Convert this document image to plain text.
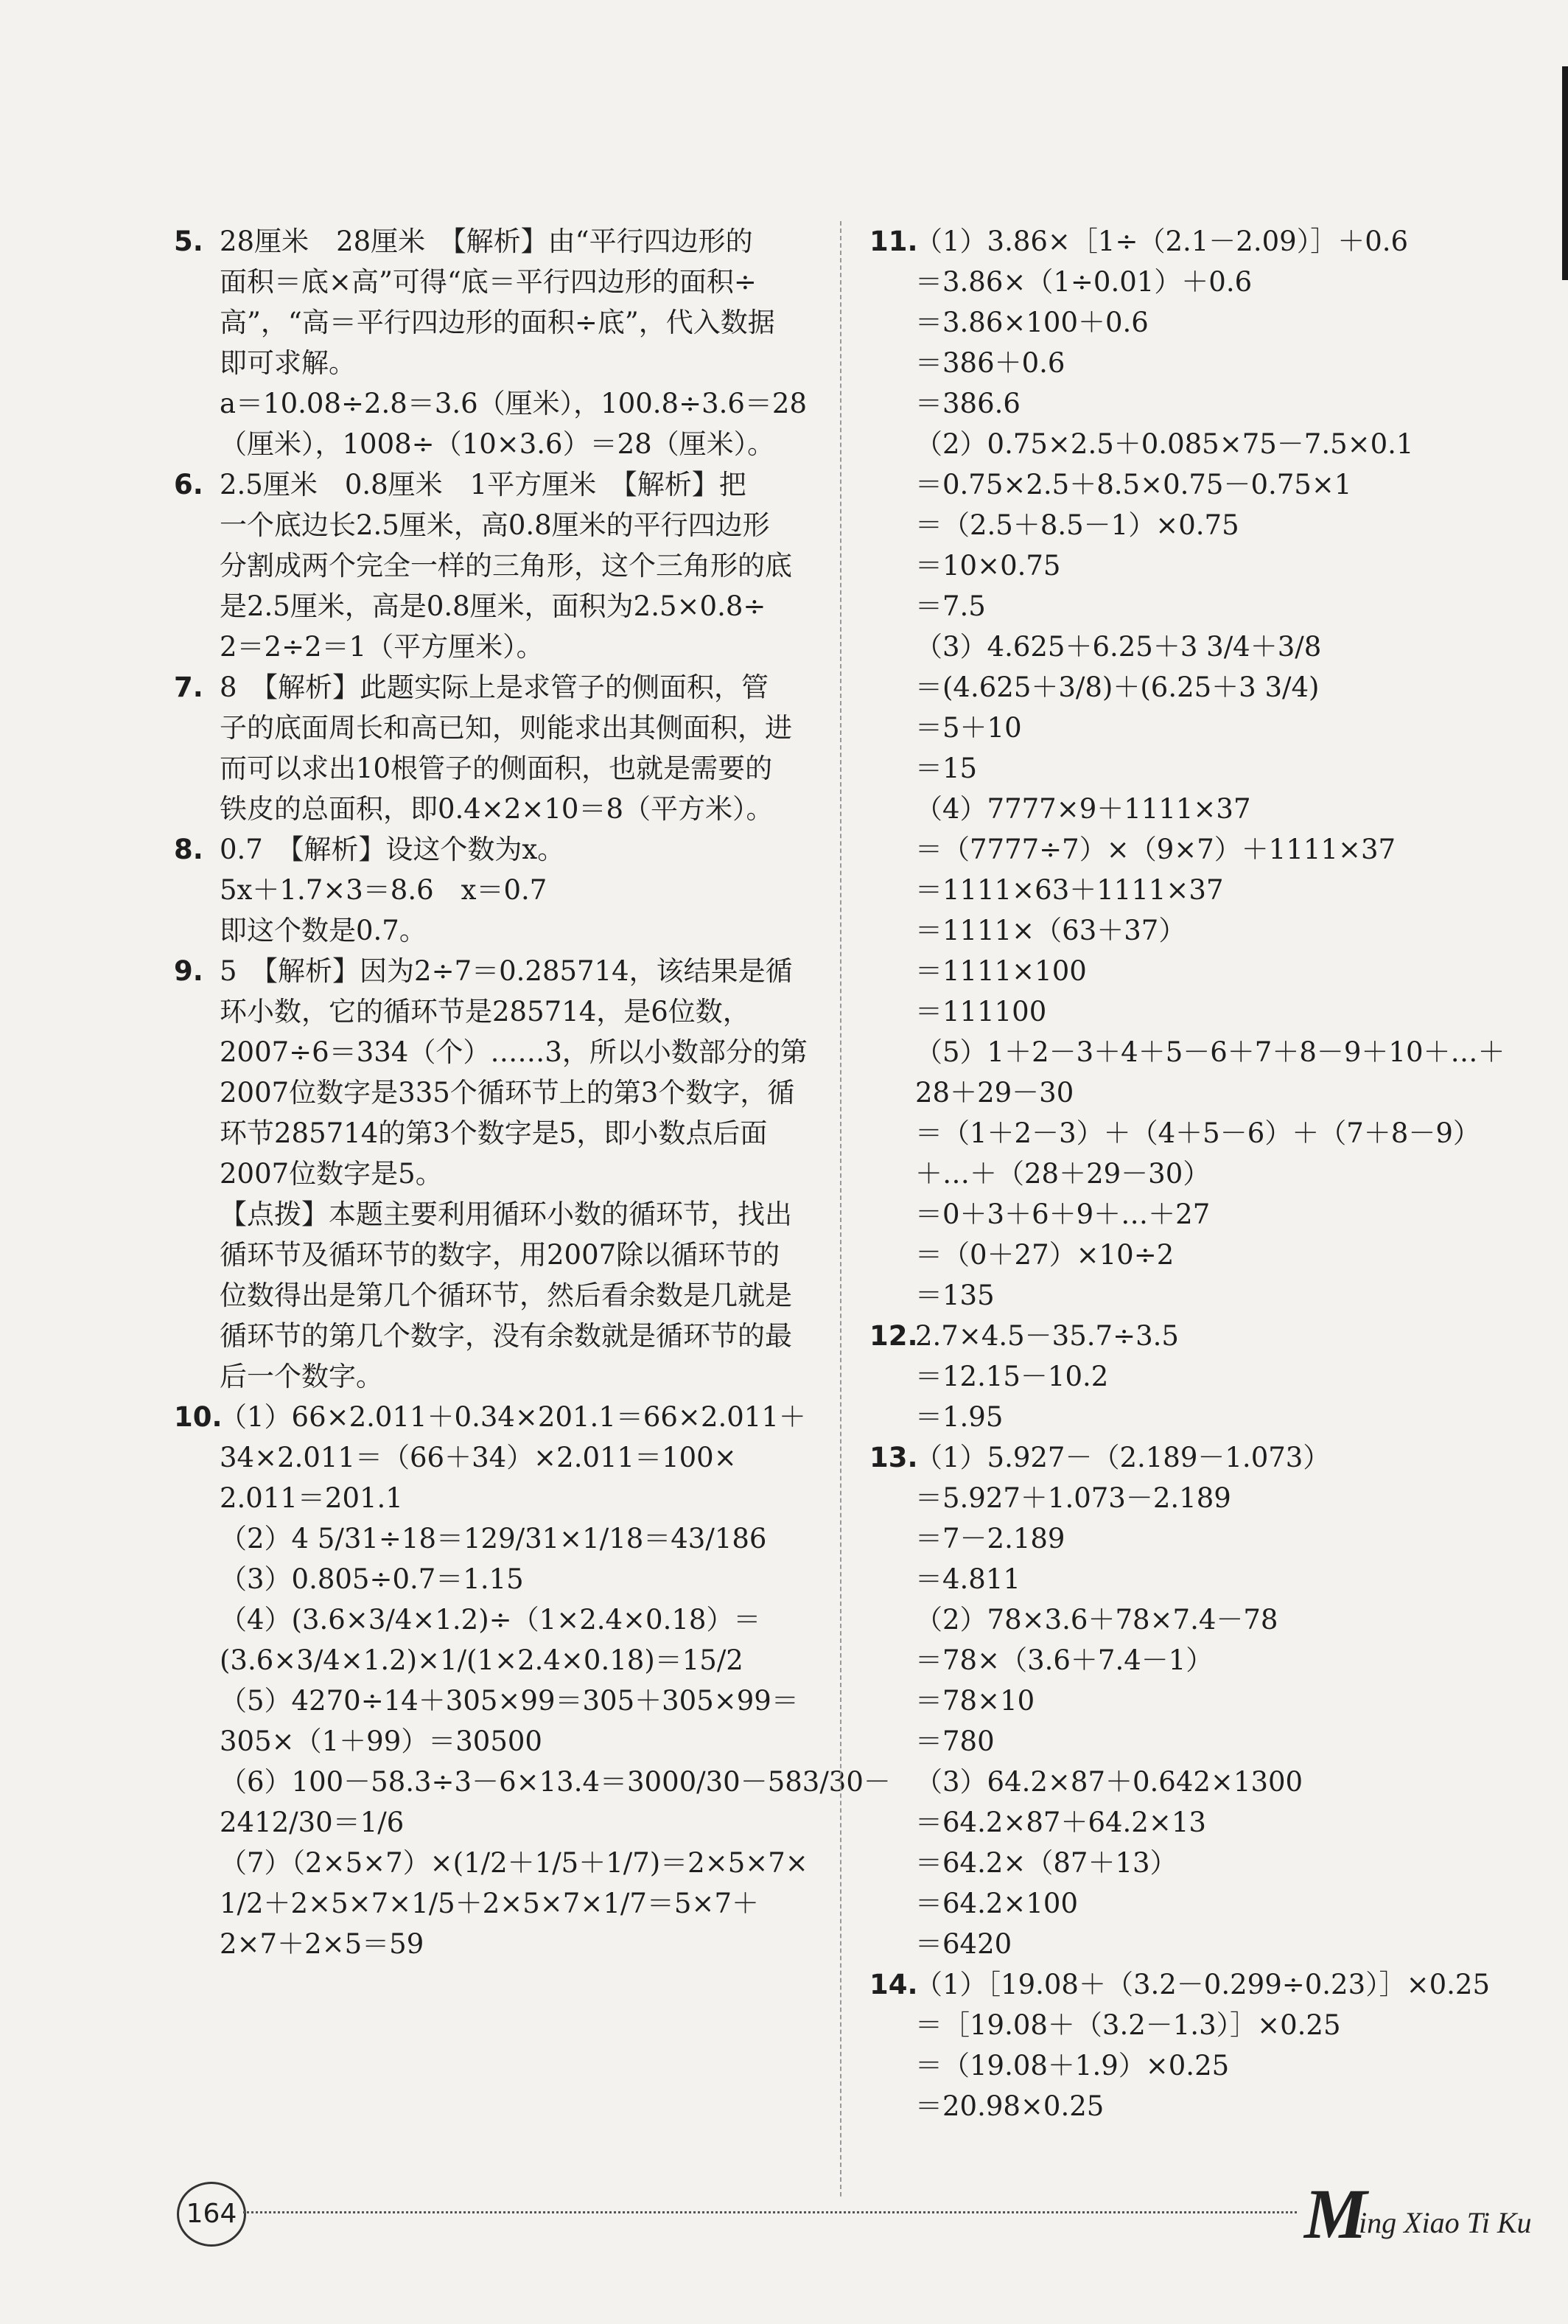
5. 28厘米　28厘米　【解析】由“平行四边形的
面积＝底×高”可得“底＝平行四边形的面积÷
高”，“高＝平行四边形的面积÷底”，代入数据
即可求解。
a＝10.08÷2.8＝3.6（厘米），100.8÷3.6＝28
（厘米），1008÷（10×3.6）＝28（厘米）。
6. 2.5厘米　0.8厘米　1平方厘米　【解析】把
一个底边长2.5厘米，高0.8厘米的平行四边形
分割成两个完全一样的三角形，这个三角形的底
是2.5厘米，高是0.8厘米，面积为2.5×0.8÷
2＝2÷2＝1（平方厘米）。
7. 8　【解析】此题实际上是求管子的侧面积，管
子的底面周长和高已知，则能求出其侧面积，进
而可以求出10根管子的侧面积，也就是需要的
铁皮的总面积，即0.4×2×10＝8（平方米）。
8. 0.7　【解析】设这个数为x。
5x＋1.7×3＝8.6　x＝0.7
即这个数是0.7。
9. 5　【解析】因为2÷7＝0.285714，该结果是循
环小数，它的循环节是285714，是6位数，
2007÷6＝334（个）……3，所以小数部分的第
2007位数字是335个循环节上的第3个数字，循
环节285714的第3个数字是5，即小数点后面
2007位数字是5。
【点拨】本题主要利用循环小数的循环节，找出
循环节及循环节的数字，用2007除以循环节的
位数得出是第几个循环节，然后看余数是几就是
循环节的第几个数字，没有余数就是循环节的最
后一个数字。
10.（1）66×2.011＋0.34×201.1＝66×2.011＋
34×2.011＝（66＋34）×2.011＝100×
2.011＝201.1
（2）4 5/31÷18＝129/31×1/18＝43/186
（3）0.805÷0.7＝1.15
（4）(3.6×3/4×1.2)÷（1×2.4×0.18）＝
(3.6×3/4×1.2)×1/(1×2.4×0.18)＝15/2
（5）4270÷14＋305×99＝305＋305×99＝
305×（1＋99）＝30500
（6）100－58.3÷3－6×13.4＝3000/30－583/30－
2412/30＝1/6
（7）（2×5×7）×(1/2＋1/5＋1/7)＝2×5×7×
1/2＋2×5×7×1/5＋2×5×7×1/7＝5×7＋
2×7＋2×5＝59
11.（1）3.86×［1÷（2.1－2.09）］＋0.6
＝3.86×（1÷0.01）＋0.6
＝3.86×100＋0.6
＝386＋0.6
＝386.6
（2）0.75×2.5＋0.085×75－7.5×0.1
＝0.75×2.5＋8.5×0.75－0.75×1
＝（2.5＋8.5－1）×0.75
＝10×0.75
＝7.5
（3）4.625＋6.25＋3 3/4＋3/8
＝(4.625＋3/8)＋(6.25＋3 3/4)
＝5＋10
＝15
（4）7777×9＋1111×37
＝（7777÷7）×（9×7）＋1111×37
＝1111×63＋1111×37
＝1111×（63＋37）
＝1111×100
＝111100
（5）1＋2－3＋4＋5－6＋7＋8－9＋10＋…＋
28＋29－30
＝（1＋2－3）＋（4＋5－6）＋（7＋8－9）
＋…＋（28＋29－30）
＝0＋3＋6＋9＋…＋27
＝（0＋27）×10÷2
＝135
12.2.7×4.5－35.7÷3.5
＝12.15－10.2
＝1.95
13.（1）5.927－（2.189－1.073）
＝5.927＋1.073－2.189
＝7－2.189
＝4.811
（2）78×3.6＋78×7.4－78
＝78×（3.6＋7.4－1）
＝78×10
＝780
（3）64.2×87＋0.642×1300
＝64.2×87＋64.2×13
＝64.2×（87＋13）
＝64.2×100
＝6420
14.（1）［19.08＋（3.2－0.299÷0.23）］×0.25
＝［19.08＋（3.2－1.3）］×0.25
＝（19.08＋1.9）×0.25
＝20.98×0.25
164	M
ing Xiao Ti Ku
